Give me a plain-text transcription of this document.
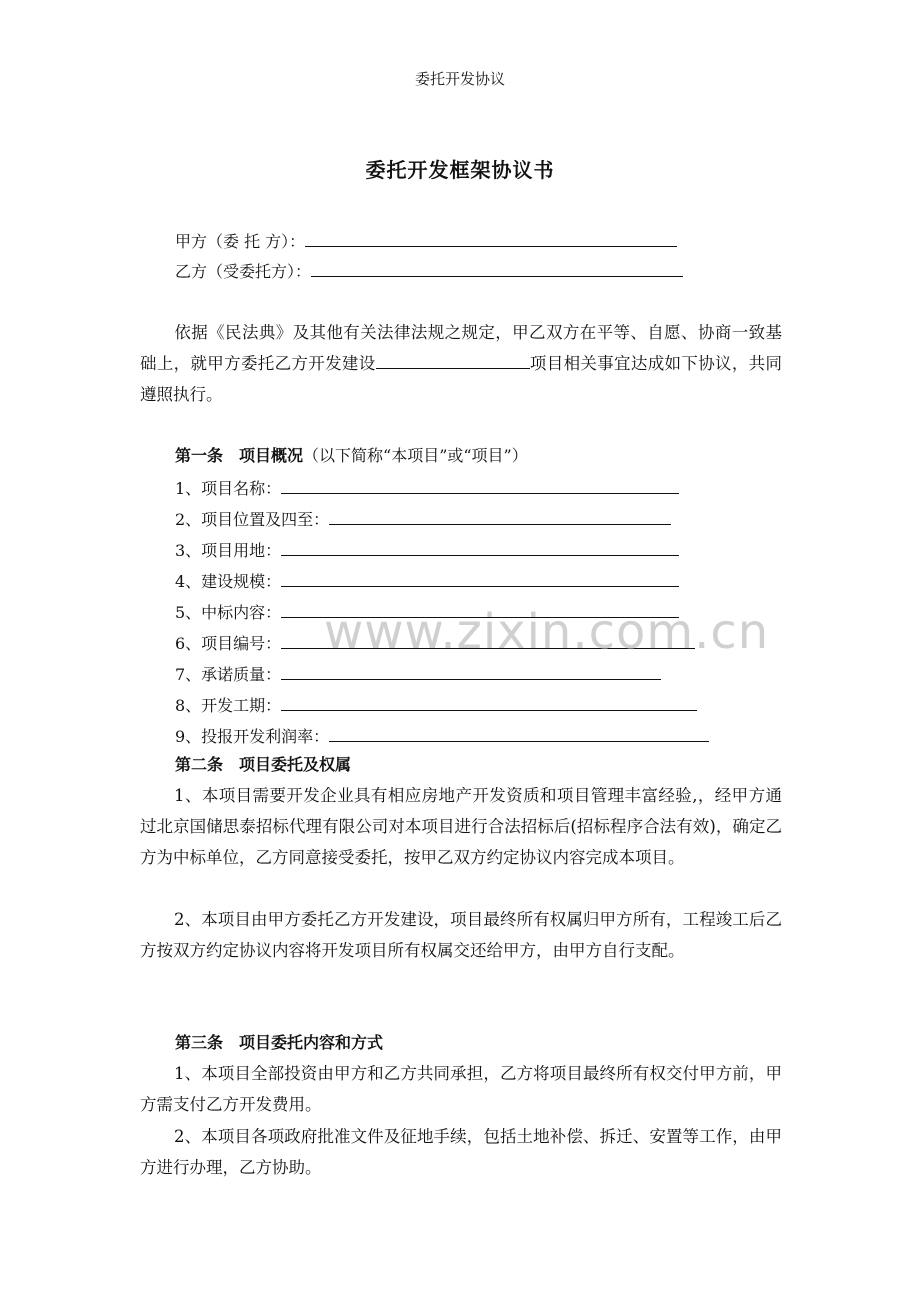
委托开发协议
委托开发框架协议书
甲方（委 托 方）：
乙方（受委托方）：
依据《民法典》及其他有关法律法规之规定，甲乙双方在平等、自愿、协商一致基础上，就甲方委托乙方开发建设	项目相关事宜达成如下协议，共同遵照执行。
第一条　项目概况（以下简称“本项目”或“项目”）
1、项目名称：
2、项目位置及四至：
3、项目用地：
4、建设规模：
5、中标内容：
6、项目编号：
7、承诺质量：
8、开发工期：
9、投报开发利润率：
第二条　项目委托及权属
1、本项目需要开发企业具有相应房地产开发资质和项目管理丰富经验,，经甲方通过北京国储思泰招标代理有限公司对本项目进行合法招标后(招标程序合法有效)，确定乙方为中标单位，乙方同意接受委托，按甲乙双方约定协议内容完成本项目。
2、本项目由甲方委托乙方开发建设，项目最终所有权属归甲方所有，工程竣工后乙方按双方约定协议内容将开发项目所有权属交还给甲方，由甲方自行支配。
第三条　项目委托内容和方式
1、本项目全部投资由甲方和乙方共同承担，乙方将项目最终所有权交付甲方前，甲方需支付乙方开发费用。
2、本项目各项政府批准文件及征地手续，包括土地补偿、拆迁、安置等工作，由甲方进行办理，乙方协助。
www.zixin.com.cn
